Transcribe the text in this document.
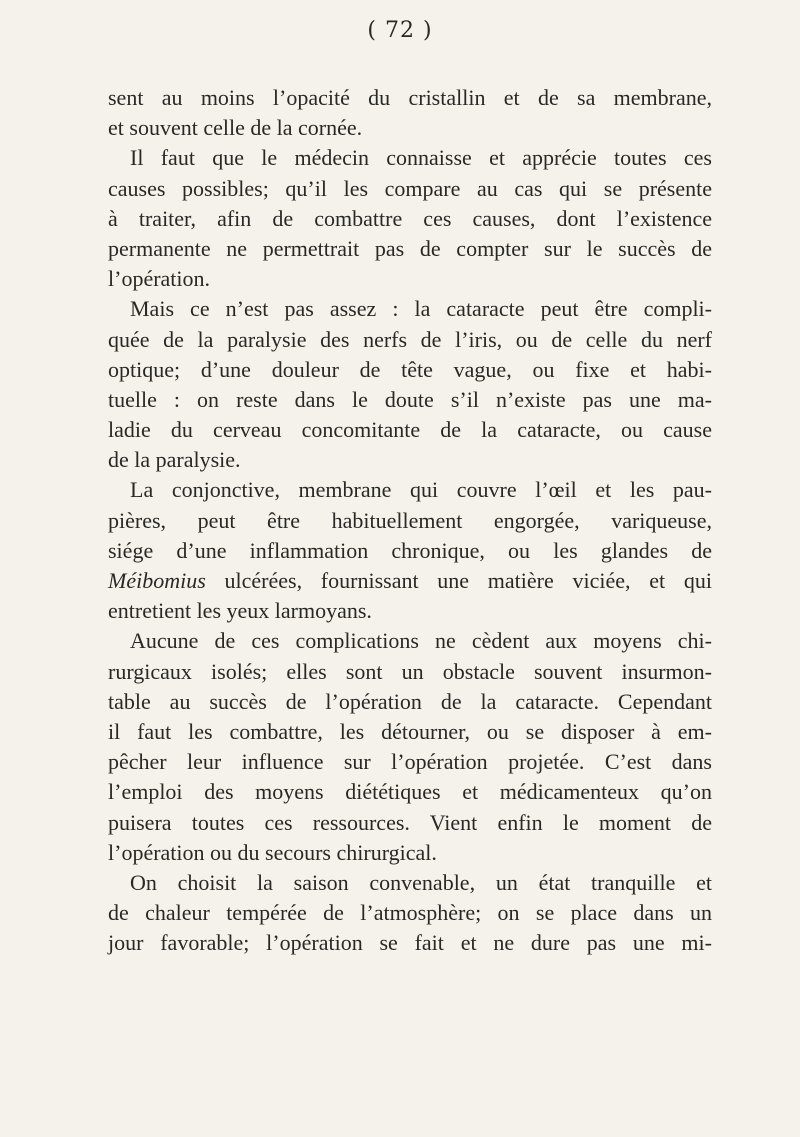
( 72 )
sent au moins l’opacité du cristallin et de sa membrane,
et souvent celle de la cornée.
Il faut que le médecin connaisse et apprécie toutes ces
causes possibles; qu’il les compare au cas qui se présente
à traiter, afin de combattre ces causes, dont l’existence
permanente ne permettrait pas de compter sur le succès de
l’opération.
Mais ce n’est pas assez : la cataracte peut être compli-
quée de la paralysie des nerfs de l’iris, ou de celle du nerf
optique; d’une douleur de tête vague, ou fixe et habi-
tuelle : on reste dans le doute s’il n’existe pas une ma-
ladie du cerveau concomitante de la cataracte, ou cause
de la paralysie.
La conjonctive, membrane qui couvre l’œil et les pau-
pières, peut être habituellement engorgée, variqueuse,
siége d’une inflammation chronique, ou les glandes de
Méibomius ulcérées, fournissant une matière viciée, et qui
entretient les yeux larmoyans.
Aucune de ces complications ne cèdent aux moyens chi-
rurgicaux isolés; elles sont un obstacle souvent insurmon-
table au succès de l’opération de la cataracte. Cependant
il faut les combattre, les détourner, ou se disposer à em-
pêcher leur influence sur l’opération projetée. C’est dans
l’emploi des moyens diététiques et médicamenteux qu’on
puisera toutes ces ressources. Vient enfin le moment de
l’opération ou du secours chirurgical.
On choisit la saison convenable, un état tranquille et
de chaleur tempérée de l’atmosphère; on se place dans un
jour favorable; l’opération se fait et ne dure pas une mi-
